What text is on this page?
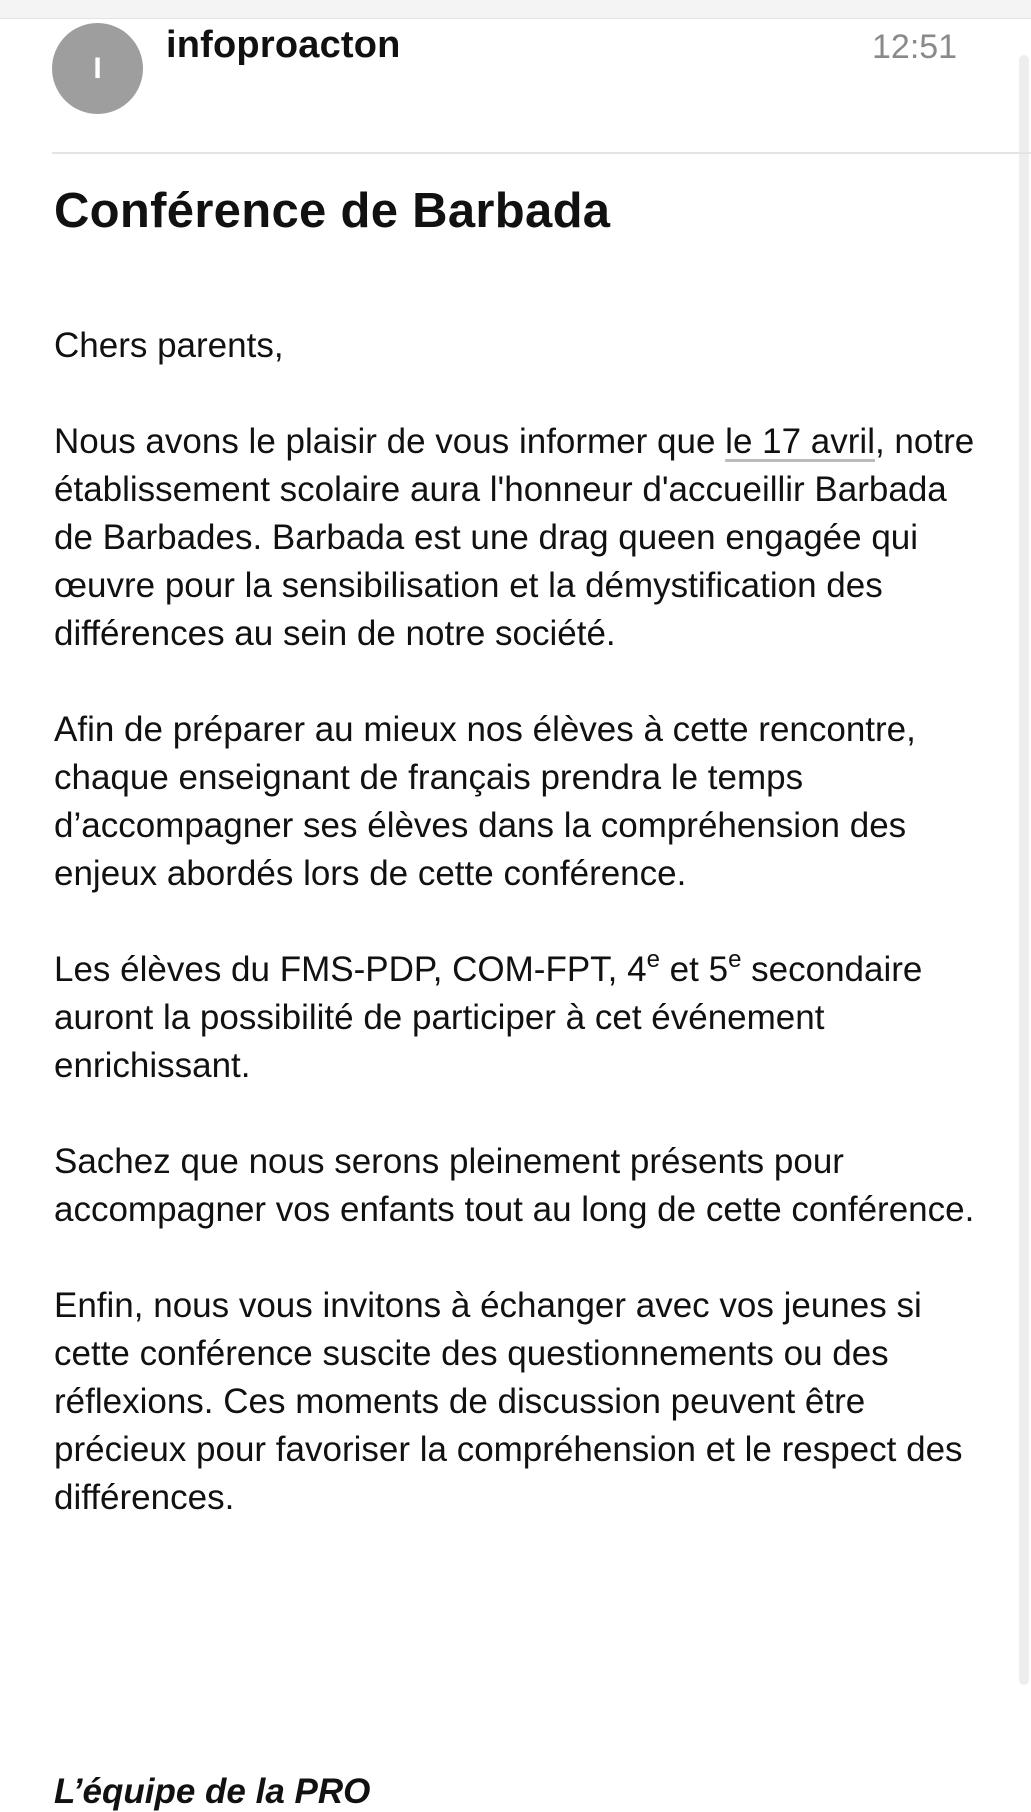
I
infoproacton	12:51
Conférence de Barbada

Chers parents,

Nous avons le plaisir de vous informer que le 17 avril, notre établissement scolaire aura l'honneur d'accueillir Barbada de Barbades. Barbada est une drag queen engagée qui œuvre pour la sensibilisation et la démystification des différences au sein de notre société.

Afin de préparer au mieux nos élèves à cette rencontre, chaque enseignant de français prendra le temps d’accompagner ses élèves dans la compréhension des enjeux abordés lors de cette conférence.

Les élèves du FMS-PDP, COM-FPT, 4e et 5e secondaire auront la possibilité de participer à cet événement enrichissant.

Sachez que nous serons pleinement présents pour accompagner vos enfants tout au long de cette conférence.

Enfin, nous vous invitons à échanger avec vos jeunes si cette conférence suscite des questionnements ou des réflexions. Ces moments de discussion peuvent être précieux pour favoriser la compréhension et le respect des différences.

L’équipe de la PRO
